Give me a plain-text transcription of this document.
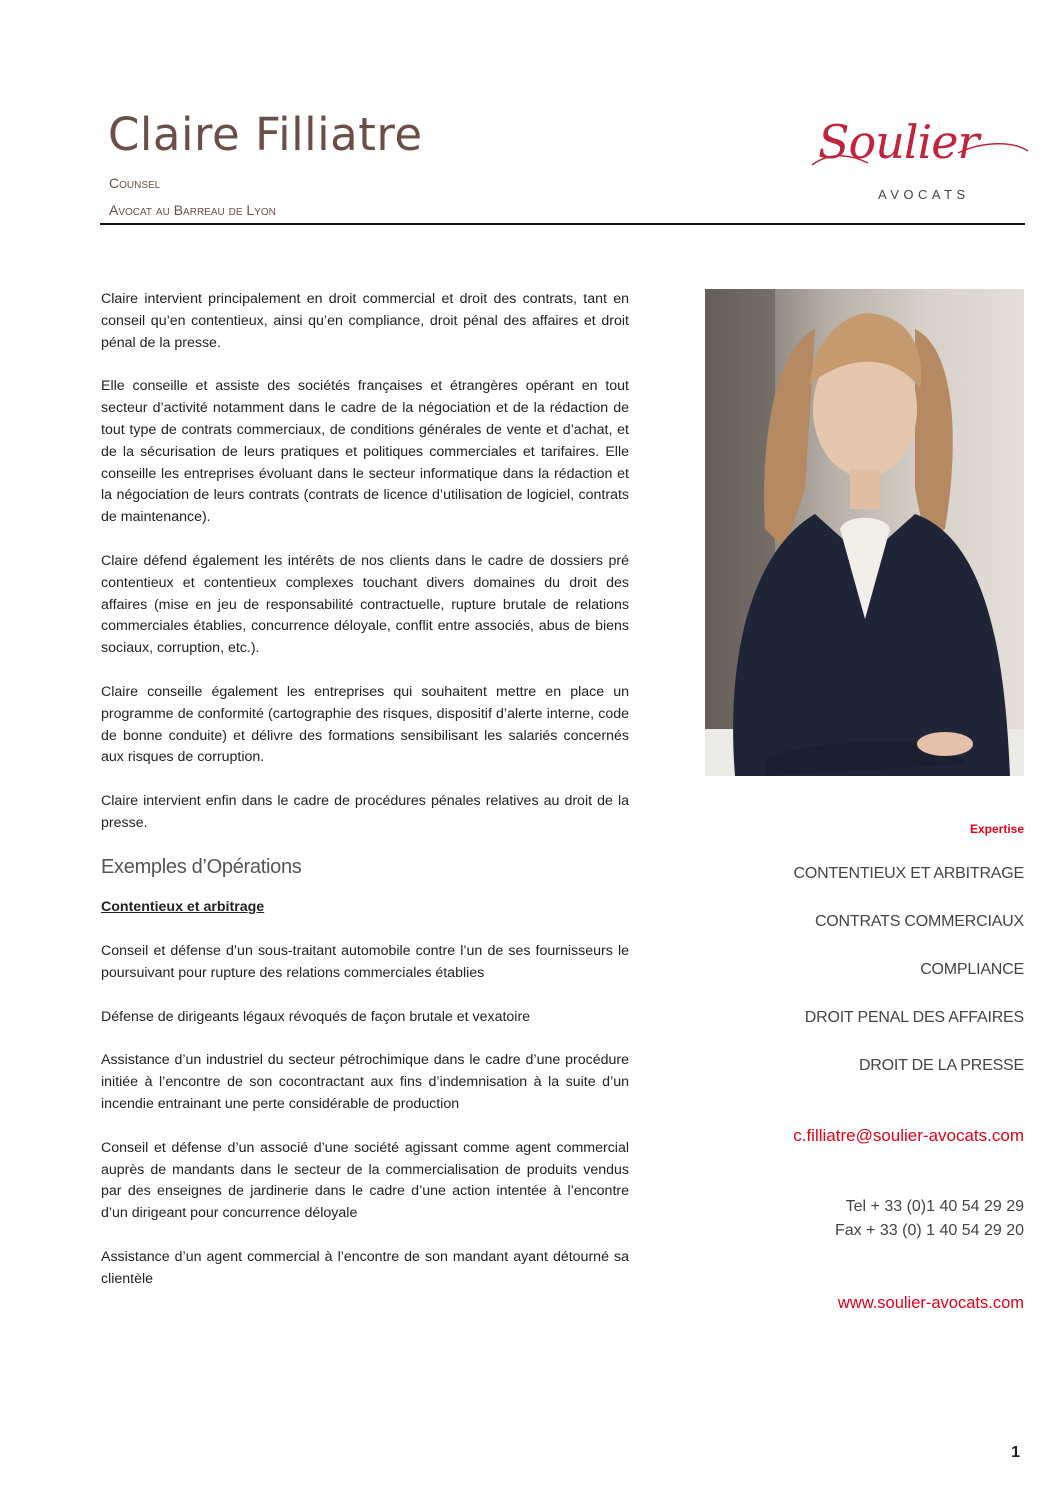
Claire Filliatre
Counsel
Avocat au Barreau de Lyon
Soulier
AVOCATS

Claire intervient principalement en droit commercial et droit des contrats, tant en conseil qu’en contentieux, ainsi qu’en compliance, droit pénal des affaires et droit pénal de la presse.

Elle conseille et assiste des sociétés françaises et étrangères opérant en tout secteur d’activité notamment dans le cadre de la négociation et de la rédaction de tout type de contrats commerciaux, de conditions générales de vente et d’achat, et de la sécurisation de leurs pratiques et politiques commerciales et tarifaires. Elle conseille les entreprises évoluant dans le secteur informatique dans la rédaction et la négociation de leurs contrats (contrats de licence d’utilisation de logiciel, contrats de maintenance).

Claire défend également les intérêts de nos clients dans le cadre de dossiers pré contentieux et contentieux complexes touchant divers domaines du droit des affaires (mise en jeu de responsabilité contractuelle, rupture brutale de relations commerciales établies, concurrence déloyale, conflit entre associés, abus de biens sociaux, corruption, etc.).

Claire conseille également les entreprises qui souhaitent mettre en place un programme de conformité (cartographie des risques, dispositif d’alerte interne, code de bonne conduite) et délivre des formations sensibilisant les salariés concernés aux risques de corruption.

Claire intervient enfin dans le cadre de procédures pénales relatives au droit de la presse.

Exemples d’Opérations
Contentieux et arbitrage

Conseil et défense d’un sous-traitant automobile contre l’un de ses fournisseurs le poursuivant pour rupture des relations commerciales établies

Défense de dirigeants légaux révoqués de façon brutale et vexatoire

Assistance d’un industriel du secteur pétrochimique dans le cadre d’une procédure initiée à l’encontre de son cocontractant aux fins d’indemnisation à la suite d’un incendie entrainant une perte considérable de production

Conseil et défense d’un associé d’une société agissant comme agent commercial auprès de mandants dans le secteur de la commercialisation de produits vendus par des enseignes de jardinerie dans le cadre d’une action intentée à l’encontre d’un dirigeant pour concurrence déloyale

Assistance d’un agent commercial à l’encontre de son mandant ayant détourné sa clientèle

Expertise
CONTENTIEUX ET ARBITRAGE
CONTRATS COMMERCIAUX
COMPLIANCE
DROIT PENAL DES AFFAIRES
DROIT DE LA PRESSE
c.filliatre@soulier-avocats.com
Tel + 33 (0)1 40 54 29 29
Fax + 33 (0) 1 40 54 29 20
www.soulier-avocats.com
1
